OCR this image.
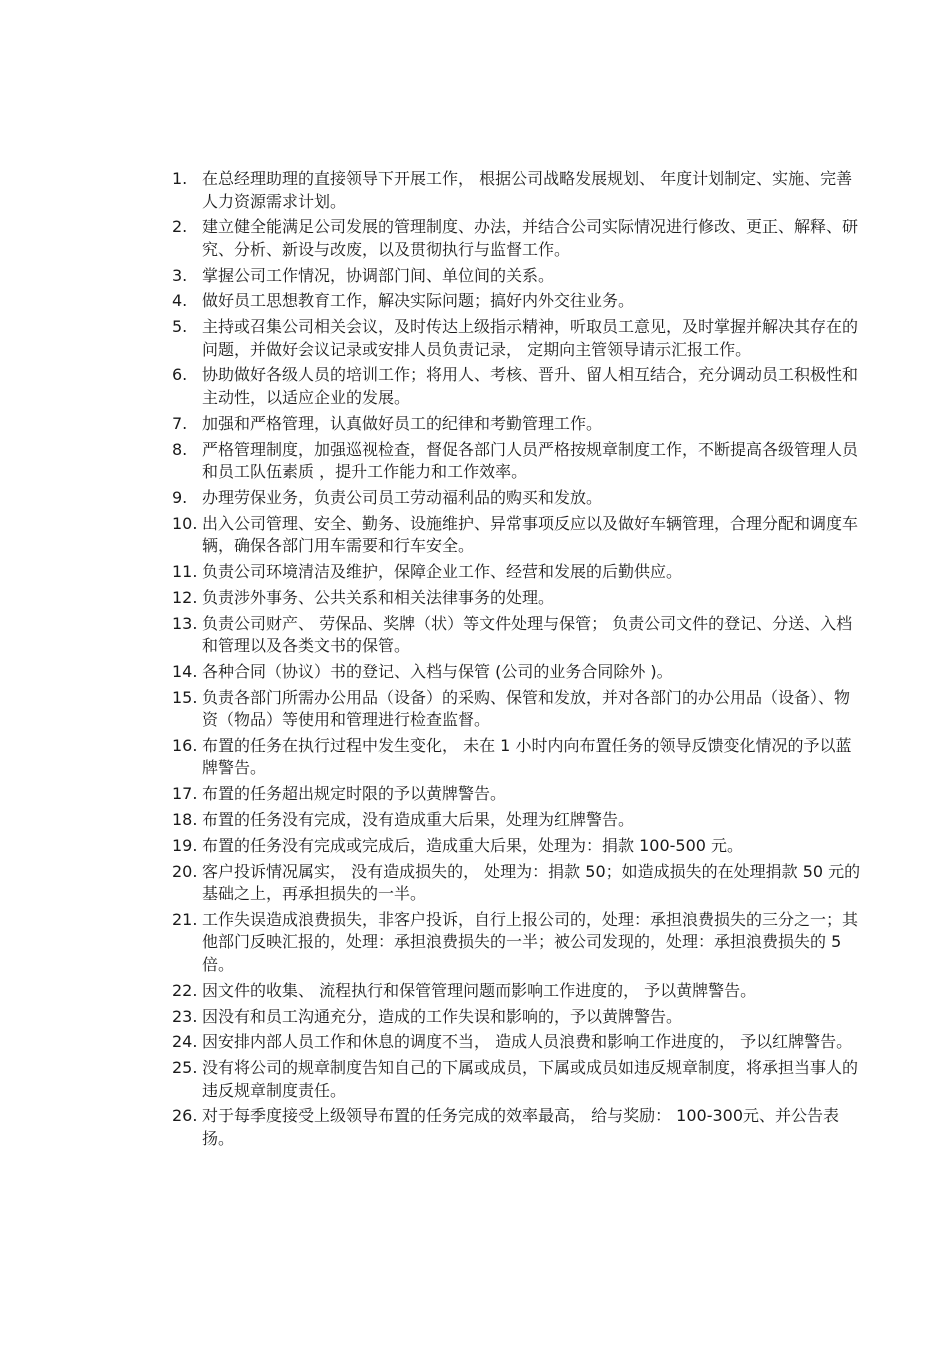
1. 在总经理助理的直接领导下开展工作， 根据公司战略发展规划、 年度计划制定、实施、完善人力资源需求计划。
2. 建立健全能满足公司发展的管理制度、办法，并结合公司实际情况进行修改、更正、解释、研究、分析、新设与改废，以及贯彻执行与监督工作。
3. 掌握公司工作情况，协调部门间、单位间的关系。
4. 做好员工思想教育工作，解决实际问题；搞好内外交往业务。
5. 主持或召集公司相关会议，及时传达上级指示精神，听取员工意见，及时掌握并解决其存在的问题，并做好会议记录或安排人员负责记录， 定期向主管领导请示汇报工作。
6. 协助做好各级人员的培训工作；将用人、考核、晋升、留人相互结合，充分调动员工积极性和主动性，以适应企业的发展。
7. 加强和严格管理，认真做好员工的纪律和考勤管理工作。
8. 严格管理制度，加强巡视检查，督促各部门人员严格按规章制度工作，不断提高各级管理人员和员工队伍素质 ，提升工作能力和工作效率。
9. 办理劳保业务，负责公司员工劳动福利品的购买和发放。
10. 出入公司管理、安全、勤务、设施维护、异常事项反应以及做好车辆管理，合理分配和调度车辆，确保各部门用车需要和行车安全。
11. 负责公司环境清洁及维护，保障企业工作、经营和发展的后勤供应。
12. 负责涉外事务、公共关系和相关法律事务的处理。
13. 负责公司财产、 劳保品、奖牌（状）等文件处理与保管； 负责公司文件的登记、分送、入档和管理以及各类文书的保管。
14. 各种合同（协议）书的登记、入档与保管 (公司的业务合同除外 )。
15. 负责各部门所需办公用品（设备）的采购、保管和发放，并对各部门的办公用品（设备）、物资（物品）等使用和管理进行检查监督。
16. 布置的任务在执行过程中发生变化， 未在 1 小时内向布置任务的领导反馈变化情况的予以蓝牌警告。
17. 布置的任务超出规定时限的予以黄牌警告。
18. 布置的任务没有完成，没有造成重大后果，处理为红牌警告。
19. 布置的任务没有完成或完成后，造成重大后果，处理为：捐款 100-500 元。
20. 客户投诉情况属实， 没有造成损失的， 处理为：捐款 50；如造成损失的在处理捐款 50 元的基础之上，再承担损失的一半。
21. 工作失误造成浪费损失，非客户投诉，自行上报公司的，处理：承担浪费损失的三分之一；其他部门反映汇报的，处理：承担浪费损失的一半；被公司发现的，处理：承担浪费损失的 5 倍。
22. 因文件的收集、 流程执行和保管管理问题而影响工作进度的， 予以黄牌警告。
23. 因没有和员工沟通充分，造成的工作失误和影响的，予以黄牌警告。
24. 因安排内部人员工作和休息的调度不当， 造成人员浪费和影响工作进度的， 予以红牌警告。
25. 没有将公司的规章制度告知自己的下属或成员，下属或成员如违反规章制度，将承担当事人的违反规章制度责任。
26. 对于每季度接受上级领导布置的任务完成的效率最高， 给与奖励： 100-300元、并公告表扬。
